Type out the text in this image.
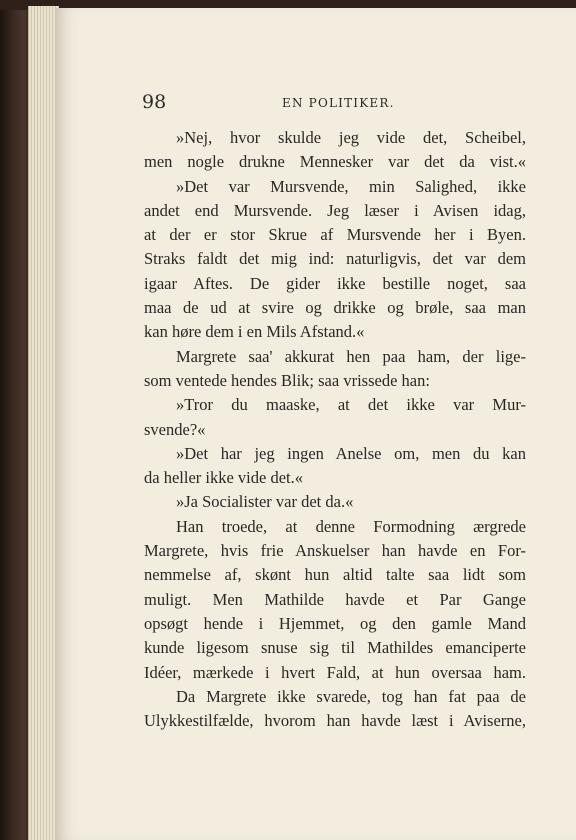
98	EN POLITIKER.
»Nej, hvor skulde jeg vide det, Scheibel,
men nogle drukne Mennesker var det da vist.«
»Det var Mursvende, min Salighed, ikke
andet end Mursvende. Jeg læser i Avisen idag,
at der er stor Skrue af Mursvende her i Byen.
Straks faldt det mig ind: naturligvis, det var dem
igaar Aftes. De gider ikke bestille noget, saa
maa de ud at svire og drikke og brøle, saa man
kan høre dem i en Mils Afstand.«
Margrete saa' akkurat hen paa ham, der lige-
som ventede hendes Blik; saa vrissede han:
»Tror du maaske, at det ikke var Mur-
svende?«
»Det har jeg ingen Anelse om, men du kan
da heller ikke vide det.«
»Ja Socialister var det da.«
Han troede, at denne Formodning ærgrede
Margrete, hvis frie Anskuelser han havde en For-
nemmelse af, skønt hun altid talte saa lidt som
muligt. Men Mathilde havde et Par Gange
opsøgt hende i Hjemmet, og den gamle Mand
kunde ligesom snuse sig til Mathildes emanciperte
Idéer, mærkede i hvert Fald, at hun oversaa ham.
Da Margrete ikke svarede, tog han fat paa de
Ulykkestilfælde, hvorom han havde læst i Aviserne,
